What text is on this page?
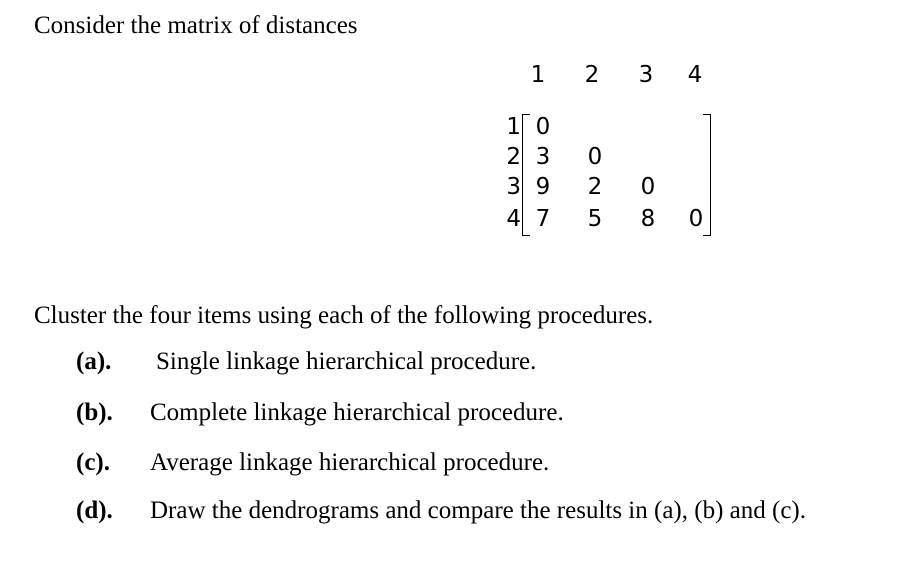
Consider the matrix of distances
1 2 3 4
1
2
3
4
0
3 0
9 2 0
7 5 8 0
Cluster the four items using each of the following procedures.
(a). Single linkage hierarchical procedure.
(b). Complete linkage hierarchical procedure.
(c). Average linkage hierarchical procedure.
(d). Draw the dendrograms and compare the results in (a), (b) and (c).
